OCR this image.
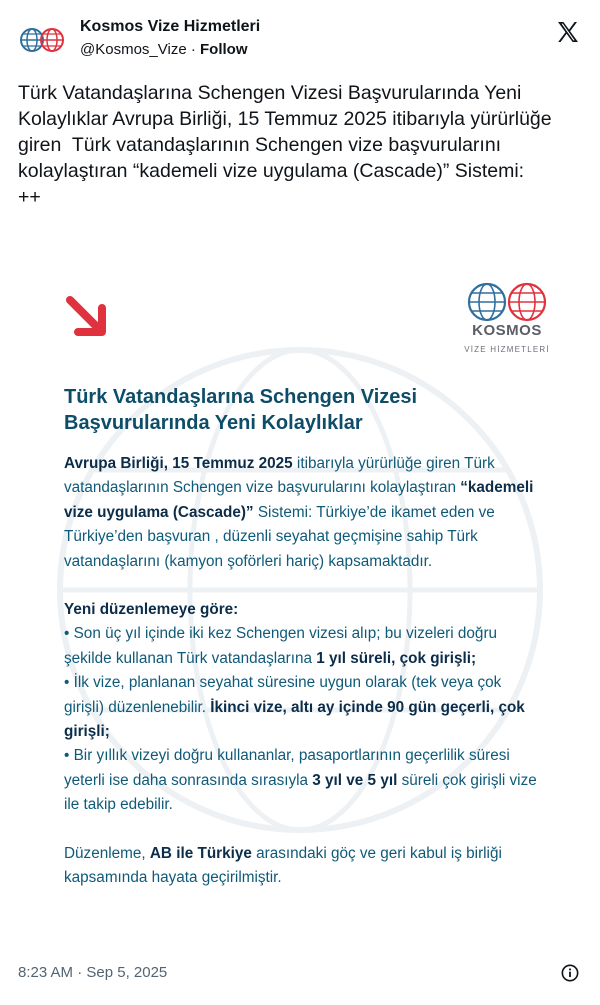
Kosmos Vize Hizmetleri
@Kosmos_Vize · Follow
Türk Vatandaşlarına Schengen Vizesi Başvurularında Yeni Kolaylıklar Avrupa Birliği, 15 Temmuz 2025 itibarıyla yürürlüğe giren  Türk vatandaşlarının Schengen vize başvurularını kolaylaştıran “kademeli vize uygulama (Cascade)” Sistemi:
++
KOSMOS
VİZE HİZMETLERİ
Türk Vatandaşlarına Schengen Vizesi Başvurularında Yeni Kolaylıklar

Avrupa Birliği, 15 Temmuz 2025 itibarıyla yürürlüğe giren Türk vatandaşlarının Schengen vize başvurularını kolaylaştıran “kademeli vize uygulama (Cascade)” Sistemi: Türkiye’de ikamet eden ve Türkiye’den başvuran , düzenli seyahat geçmişine sahip Türk vatandaşlarını (kamyon şoförleri hariç) kapsamaktadır.

Yeni düzenlemeye göre:

• Son üç yıl içinde iki kez Schengen vizesi alıp; bu vizeleri doğru şekilde kullanan Türk vatandaşlarına 1 yıl süreli, çok girişli;

• İlk vize, planlanan seyahat süresine uygun olarak (tek veya çok girişli) düzenlenebilir. İkinci vize, altı ay içinde 90 gün geçerli, çok girişli;

• Bir yıllık vizeyi doğru kullananlar, pasaportlarının geçerlilik süresi yeterli ise daha sonrasında sırasıyla 3 yıl ve 5 yıl süreli çok girişli vize ile takip edebilir.

Düzenleme, AB ile Türkiye arasındaki göç ve geri kabul iş birliği kapsamında hayata geçirilmiştir.

8:23 AM · Sep 5, 2025
